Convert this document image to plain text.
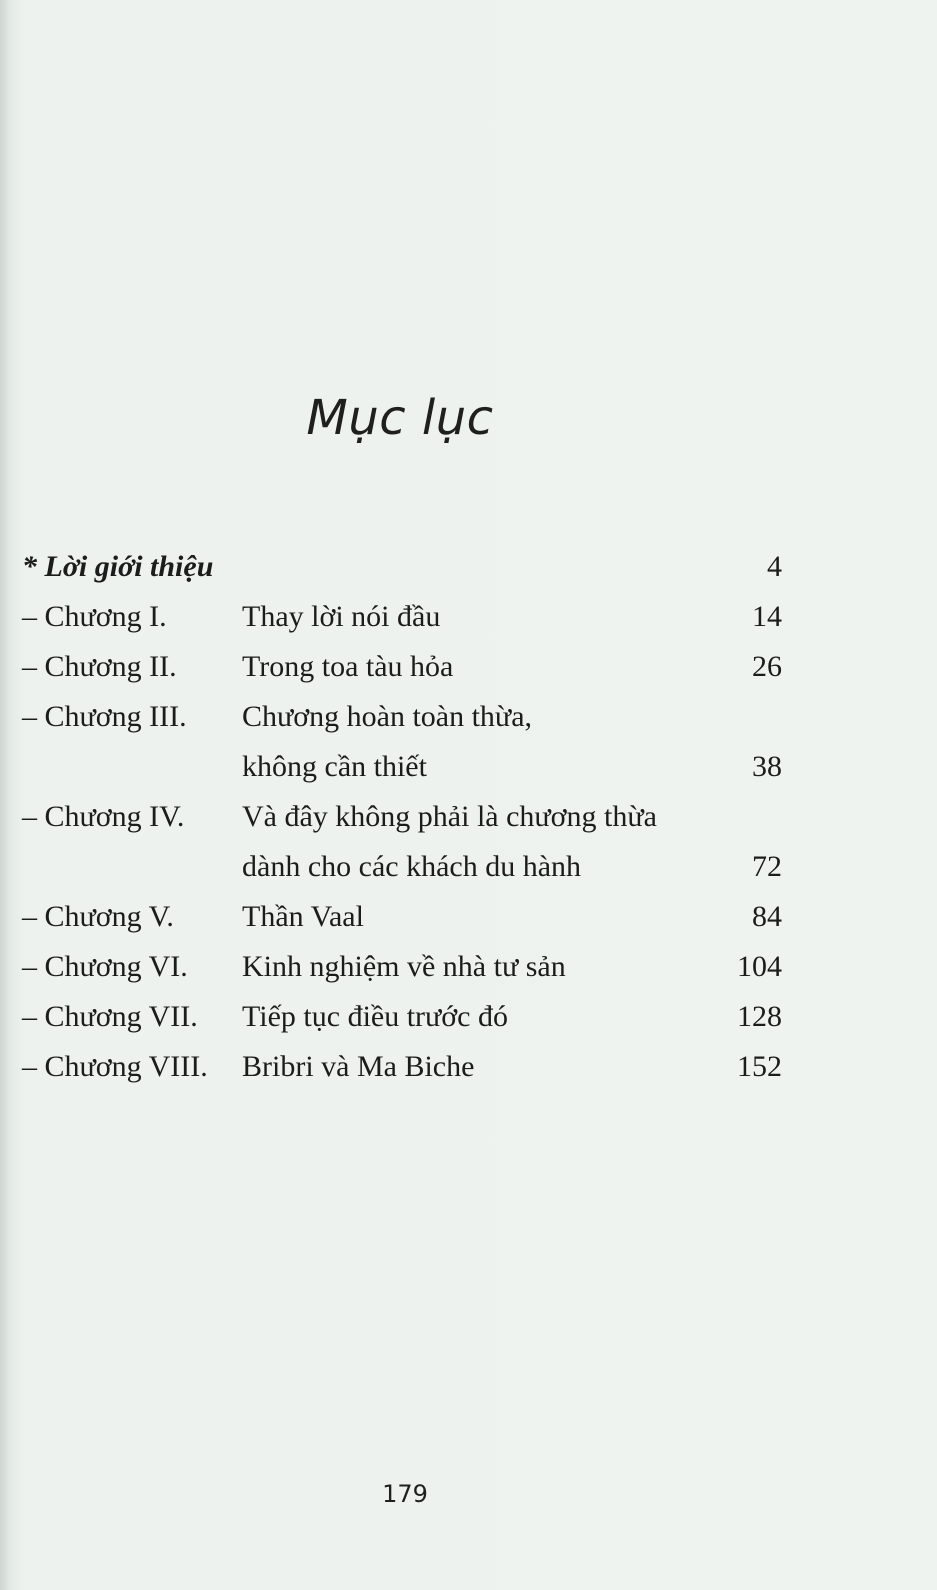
Mục lục
* Lời giới thiệu	4
– Chương I.	Thay lời nói đầu	14
– Chương II. Trong toa tàu hỏa	26
– Chương III. Chương hoàn toàn thừa,
không cần thiết	38
– Chương IV. Và đây không phải là chương thừa
dành cho các khách du hành	72
– Chương V. Thần Vaal	84
– Chương VI. Kinh nghiệm về nhà tư sản	104
– Chương VII. Tiếp tục điều trước đó	128
– Chương VIII. Bribri và Ma Biche	152
179
